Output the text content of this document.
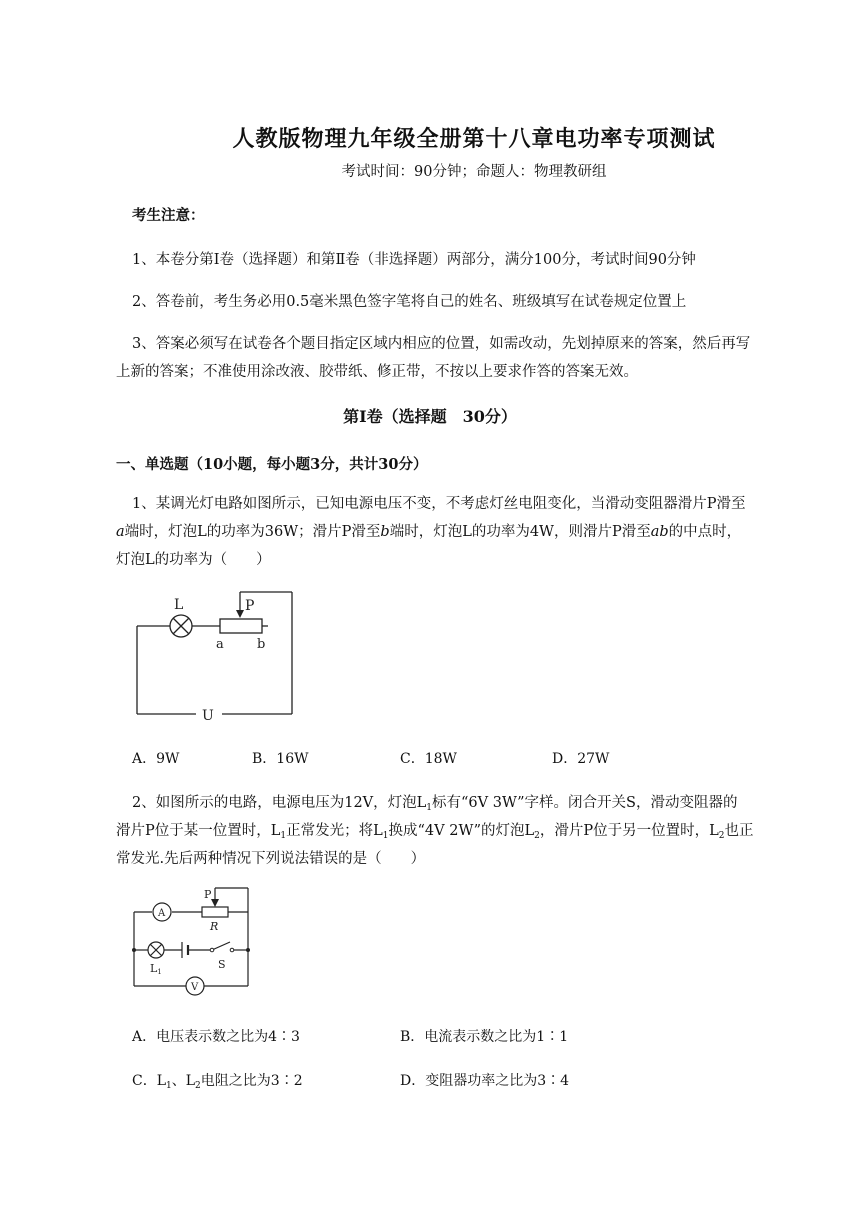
人教版物理九年级全册第十八章电功率专项测试
考试时间：90分钟；命题人：物理教研组
考生注意：
1、本卷分第Ⅰ卷（选择题）和第Ⅱ卷（非选择题）两部分，满分100分，考试时间90分钟
2、答卷前，考生务必用0.5毫米黑色签字笔将自己的姓名、班级填写在试卷规定位置上
3、答案必须写在试卷各个题目指定区域内相应的位置，如需改动，先划掉原来的答案，然后再写
上新的答案；不准使用涂改液、胶带纸、修正带，不按以上要求作答的答案无效。
第Ⅰ卷（选择题　30分）
一、单选题（10小题，每小题3分，共计30分）
1、某调光灯电路如图所示，已知电源电压不变，不考虑灯丝电阻变化，当滑动变阻器滑片P滑至
a端时，灯泡L的功率为36W；滑片P滑至b端时，灯泡L的功率为4W，则滑片P滑至ab的中点时，
灯泡L的功率为（　　）
L	P
a	b
U
A．9W	B．16W	C．18W	D．27W
2、如图所示的电路，电源电压为12V，灯泡$L_1$标有“6V 3W”字样。闭合开关S，滑动变阻器的
滑片P位于某一位置时，$L_1$正常发光；将$L_1$换成“4V 2W”的灯泡$L_2$，滑片P位于另一位置时，$L_2$也正
常发光.先后两种情况下列说法错误的是（　　）
A
P
R
L1
S
V
A．电压表示数之比为4∶3	B．电流表示数之比为1∶1
C．$L_1$、$L_2$电阻之比为3∶2	D．变阻器功率之比为3∶4
